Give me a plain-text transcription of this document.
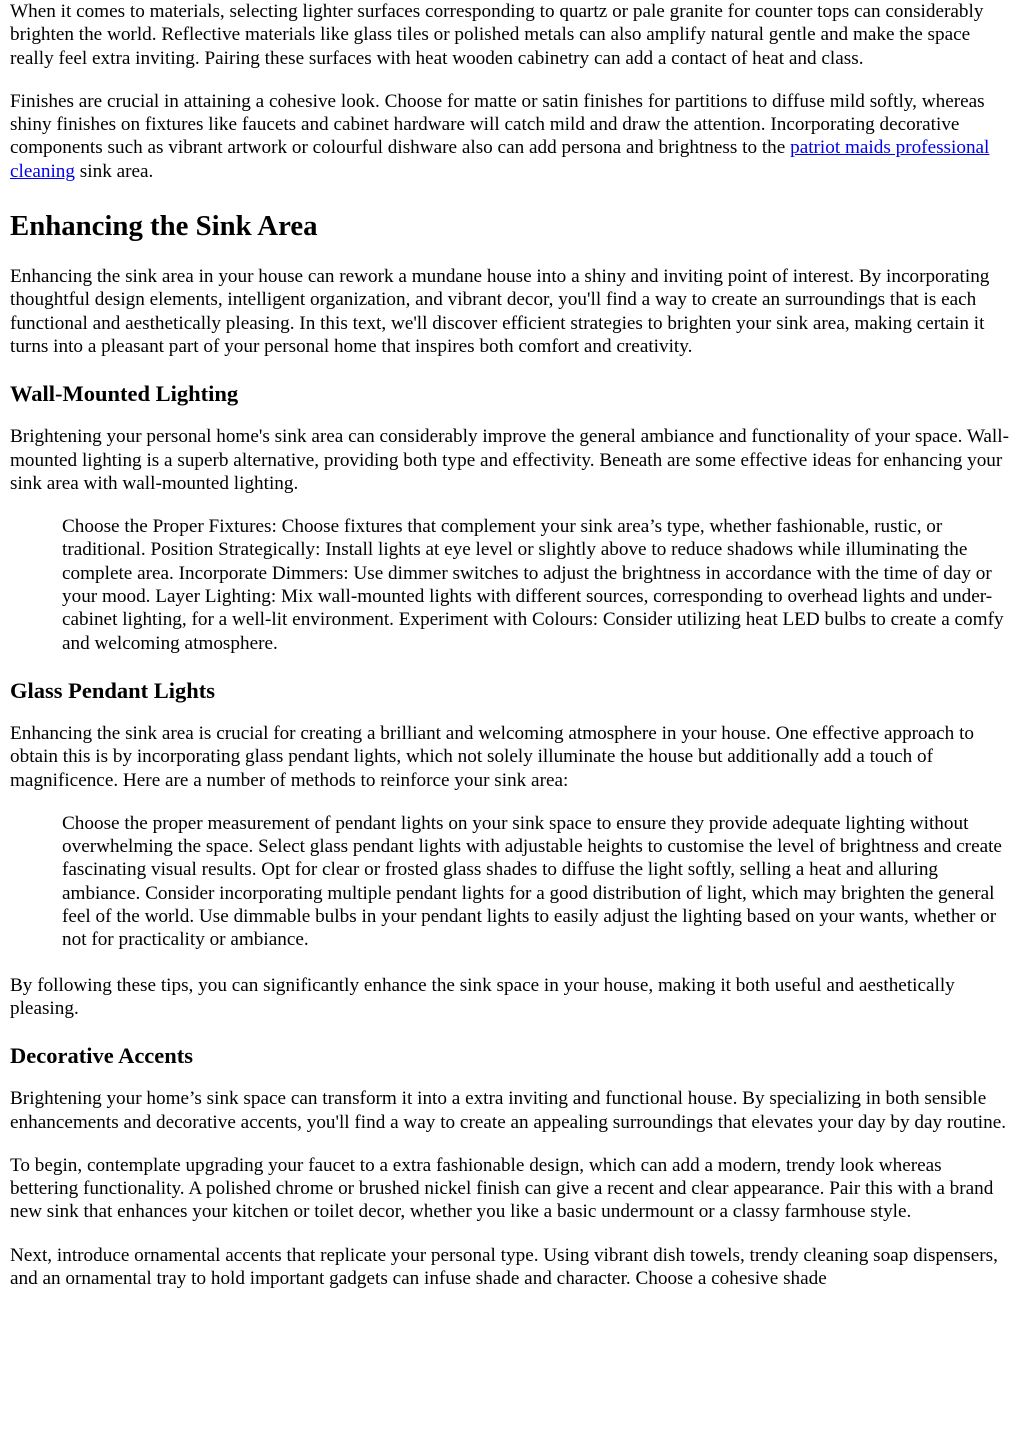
When it comes to materials, selecting lighter surfaces corresponding to quartz or pale granite for counter tops can considerably brighten the world. Reflective materials like glass tiles or polished metals can also amplify natural gentle and make the space really feel extra inviting. Pairing these surfaces with heat wooden cabinetry can add a contact of heat and class.

Finishes are crucial in attaining a cohesive look. Choose for matte or satin finishes for partitions to diffuse mild softly, whereas shiny finishes on fixtures like faucets and cabinet hardware will catch mild and draw the attention. Incorporating decorative components such as vibrant artwork or colourful dishware also can add persona and brightness to the patriot maids professional cleaning sink area.

Enhancing the Sink Area

Enhancing the sink area in your house can rework a mundane house into a shiny and inviting point of interest. By incorporating thoughtful design elements, intelligent organization, and vibrant decor, you'll find a way to create an surroundings that is each functional and aesthetically pleasing. In this text, we'll discover efficient strategies to brighten your sink area, making certain it turns into a pleasant part of your personal home that inspires both comfort and creativity.

Wall-Mounted Lighting

Brightening your personal home's sink area can considerably improve the general ambiance and functionality of your space. Wall-mounted lighting is a superb alternative, providing both type and effectivity. Beneath are some effective ideas for enhancing your sink area with wall-mounted lighting.

Choose the Proper Fixtures: Choose fixtures that complement your sink area’s type, whether fashionable, rustic, or traditional. Position Strategically: Install lights at eye level or slightly above to reduce shadows while illuminating the complete area. Incorporate Dimmers: Use dimmer switches to adjust the brightness in accordance with the time of day or your mood. Layer Lighting: Mix wall-mounted lights with different sources, corresponding to overhead lights and under-cabinet lighting, for a well-lit environment. Experiment with Colours: Consider utilizing heat LED bulbs to create a comfy and welcoming atmosphere.
Glass Pendant Lights

Enhancing the sink area is crucial for creating a brilliant and welcoming atmosphere in your house. One effective approach to obtain this is by incorporating glass pendant lights, which not solely illuminate the house but additionally add a touch of magnificence. Here are a number of methods to reinforce your sink area:

Choose the proper measurement of pendant lights on your sink space to ensure they provide adequate lighting without overwhelming the space. Select glass pendant lights with adjustable heights to customise the level of brightness and create fascinating visual results. Opt for clear or frosted glass shades to diffuse the light softly, selling a heat and alluring ambiance. Consider incorporating multiple pendant lights for a good distribution of light, which may brighten the general feel of the world. Use dimmable bulbs in your pendant lights to easily adjust the lighting based on your wants, whether or not for practicality or ambiance.

By following these tips, you can significantly enhance the sink space in your house, making it both useful and aesthetically pleasing.

Decorative Accents

Brightening your home’s sink space can transform it into a extra inviting and functional house. By specializing in both sensible enhancements and decorative accents, you'll find a way to create an appealing surroundings that elevates your day by day routine.

To begin, contemplate upgrading your faucet to a extra fashionable design, which can add a modern, trendy look whereas bettering functionality. A polished chrome or brushed nickel finish can give a recent and clear appearance. Pair this with a brand new sink that enhances your kitchen or toilet decor, whether you like a basic undermount or a classy farmhouse style.

Next, introduce ornamental accents that replicate your personal type. Using vibrant dish towels, trendy cleaning soap dispensers, and an ornamental tray to hold important gadgets can infuse shade and character. Choose a cohesive shade
